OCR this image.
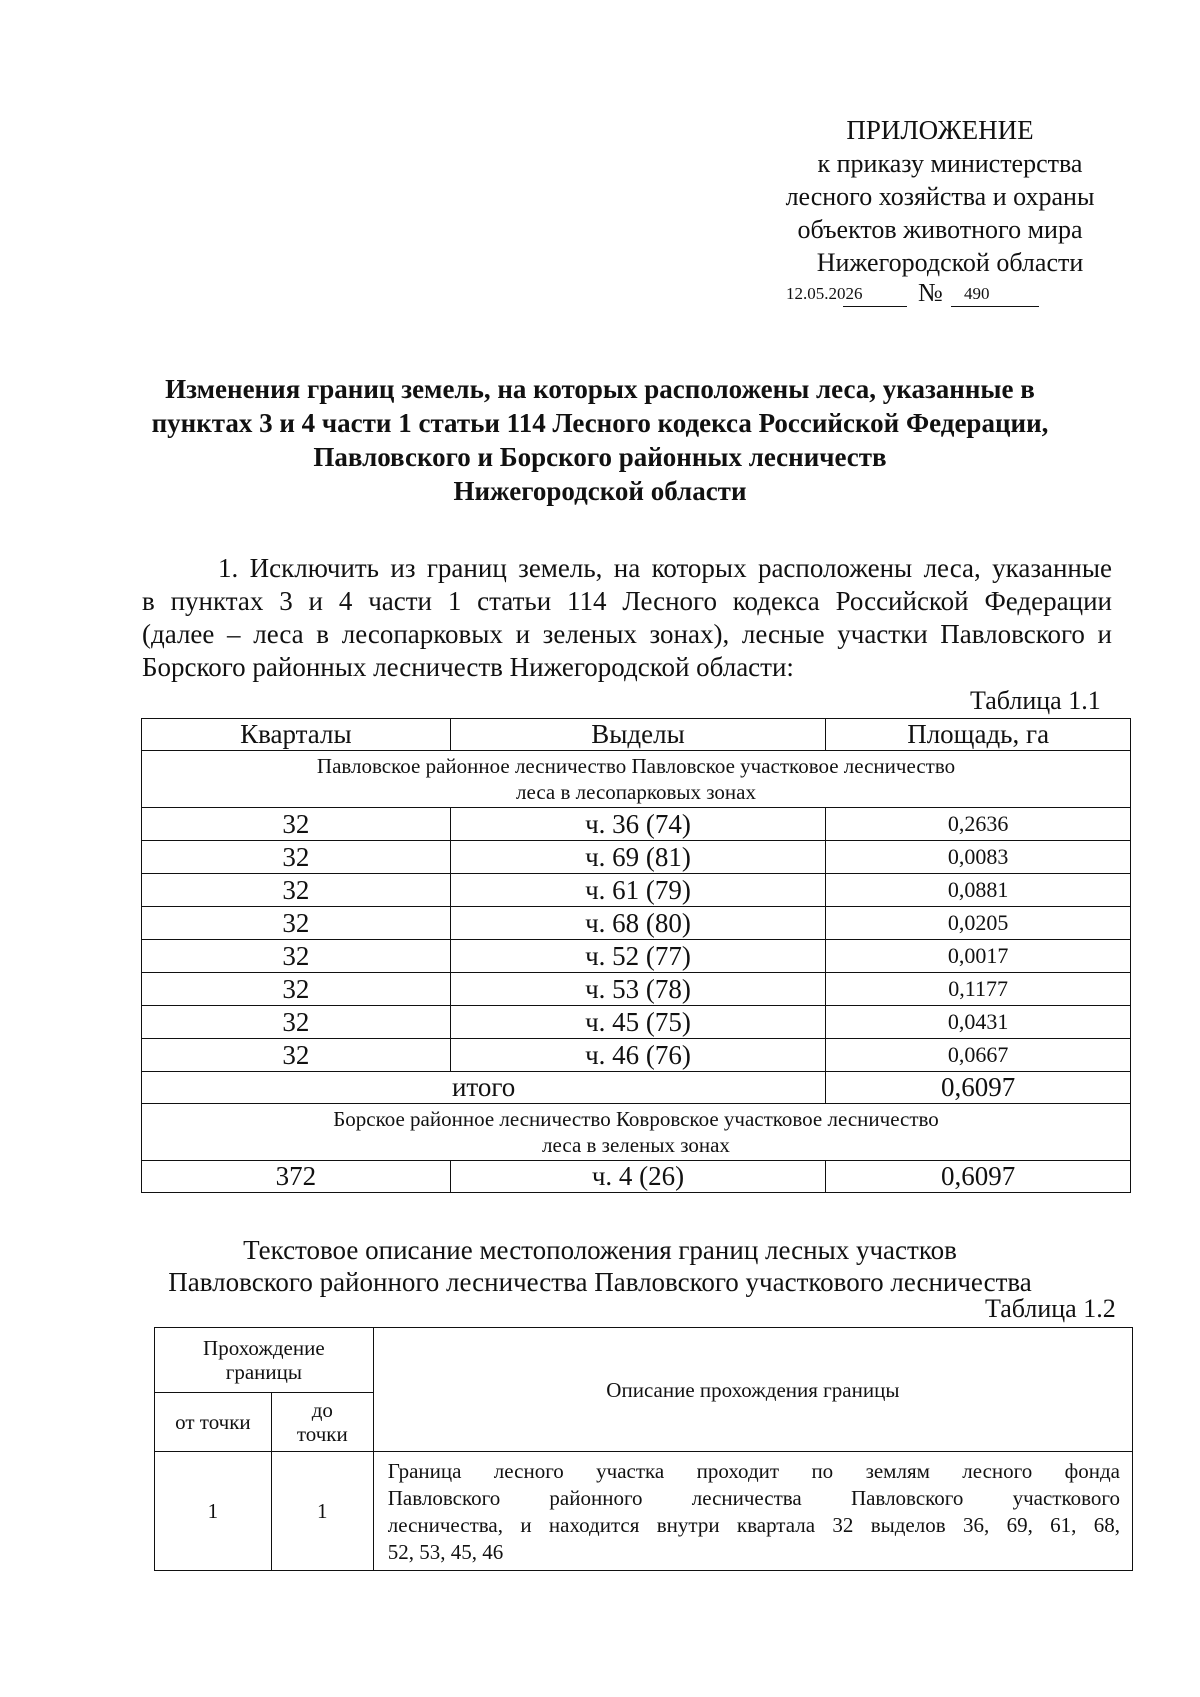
ПРИЛОЖЕНИЕ
к приказу министерства
лесного хозяйства и охраны
объектов животного мира
Нижегородской области
12.05.2026 № 490
Изменения границ земель, на которых расположены леса, указанные в
пунктах 3 и 4 части 1 статьи 114 Лесного кодекса Российской Федерации,
Павловского и Борского районных лесничеств
Нижегородской области
1. Исключить из границ земель, на которых расположены леса, указанные
в пунктах 3 и 4 части 1 статьи 114 Лесного кодекса Российской Федерации
(далее – леса в лесопарковых и зеленых зонах), лесные участки Павловского и
Борского районных лесничеств Нижегородской области:
Таблица 1.1
Кварталы	Выделы	Площадь, га

Павловское районное лесничество Павловское участковое лесничество
леса в лесопарковых зонах		

32	ч. 36 (74)	0,2636
32	ч. 69 (81)	0,0083
32	ч. 61 (79)	0,0881
32	ч. 68 (80)	0,0205
32	ч. 52 (77)	0,0017
32	ч. 53 (78)	0,1177
32	ч. 45 (75)	0,0431
32	ч. 46 (76)	0,0667
итого		0,6097

Борское районное лесничество Ковровское участковое лесничество
леса в зеленых зонах		

372	ч. 4 (26)	0,6097
Текстовое описание местоположения границ лесных участков
Павловского районного лесничества Павловского участкового лесничества
Таблица 1.2
Прохождение границы		Описание прохождения границы
от точки	до точки	
1	1	Граница лесного участка проходит по землям лесного фонда
Павловского районного лесничества Павловского участкового
лесничества, и находится внутри квартала 32 выделов 36, 69, 61, 68,
52, 53, 45, 46
